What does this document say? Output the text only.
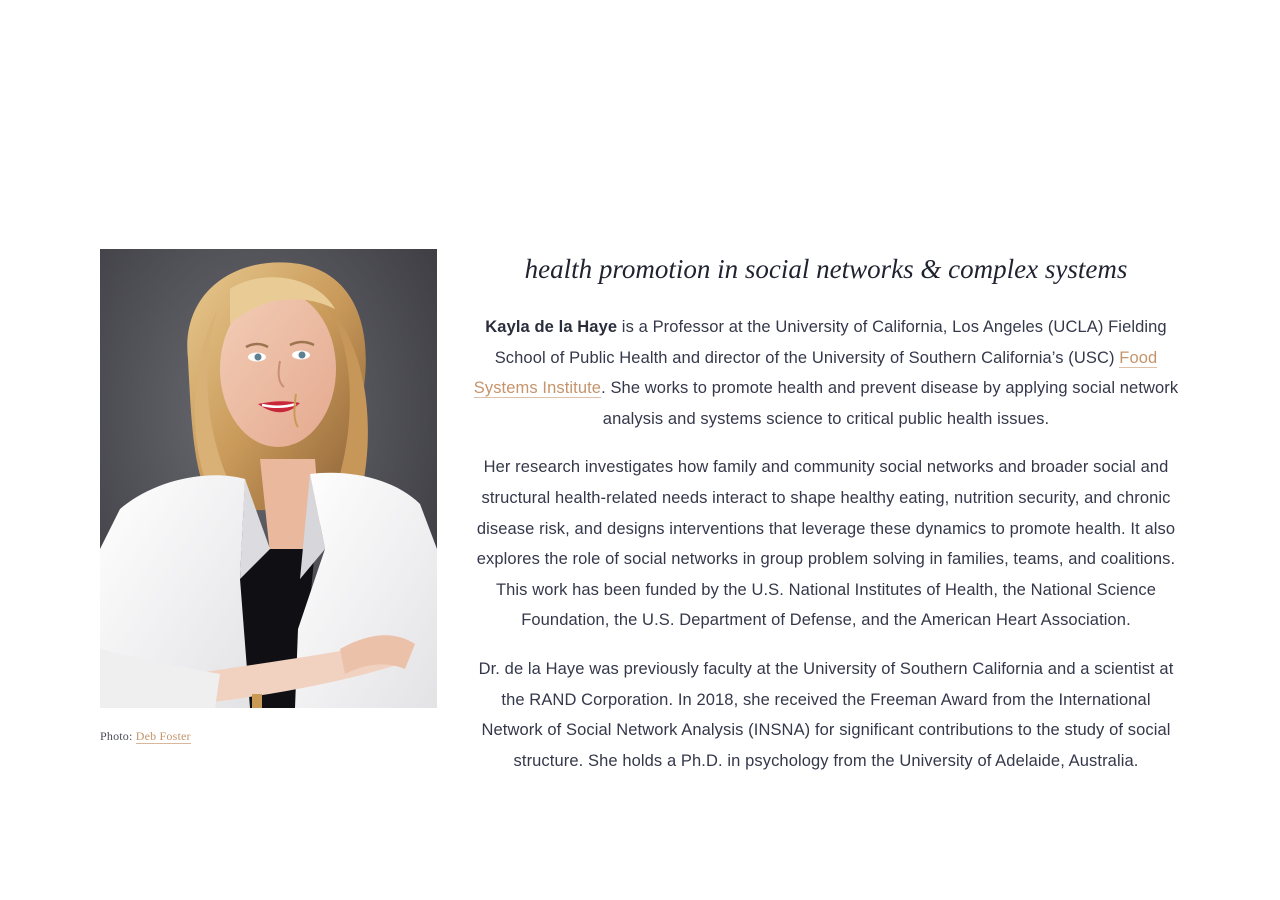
Photo: Deb Foster
health promotion in social networks & complex systems

Kayla de la Haye is a Professor at the University of California, Los Angeles (UCLA) Fielding School of Public Health and director of the University of Southern California’s (USC) Food Systems Institute. She works to promote health and prevent disease by applying social network analysis and systems science to critical public health issues.

Her research investigates how family and community social networks and broader social and structural health-related needs interact to shape healthy eating, nutrition security, and chronic disease risk, and designs interventions that leverage these dynamics to promote health. It also explores the role of social networks in group problem solving in families, teams, and coalitions. This work has been funded by the U.S. National Institutes of Health, the National Science Foundation, the U.S. Department of Defense, and the American Heart Association.

Dr. de la Haye was previously faculty at the University of Southern California and a scientist at the RAND Corporation. In 2018, she received the Freeman Award from the International Network of Social Network Analysis (INSNA) for significant contributions to the study of social structure. She holds a Ph.D. in psychology from the University of Adelaide, Australia.
